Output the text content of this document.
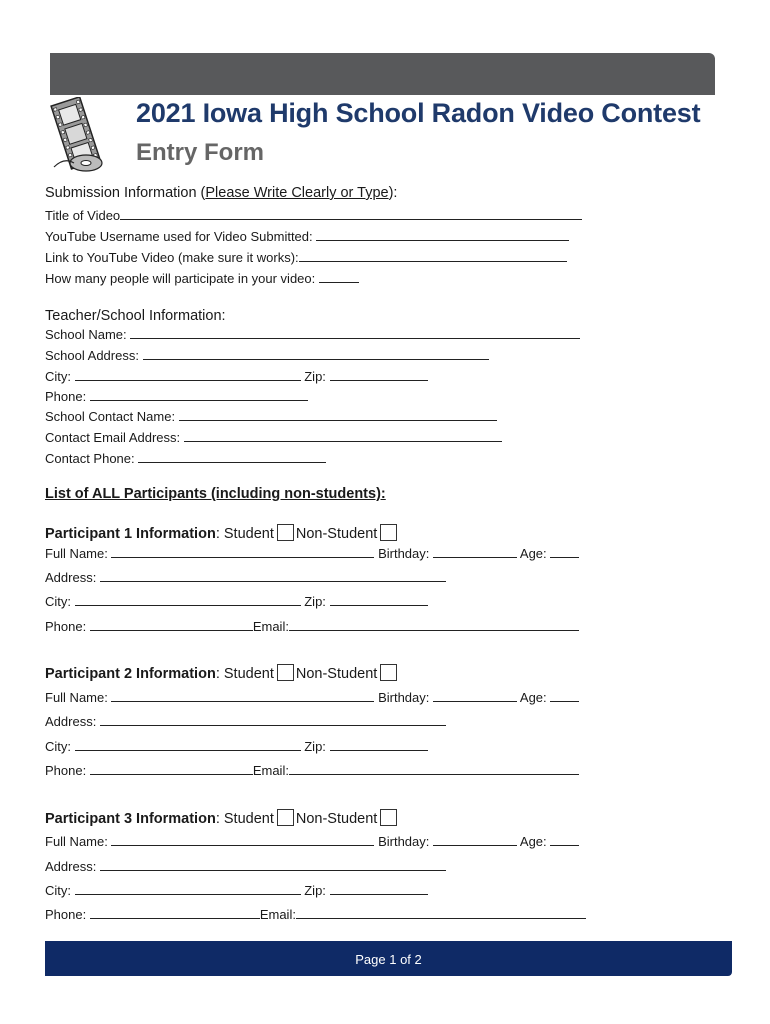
2021 Iowa High School Radon Video Contest
Entry Form
Submission Information (Please Write Clearly or Type):
Title of Video
YouTube Username used for Video Submitted:
Link to YouTube Video (make sure it works):
How many people will participate in your video:
Teacher/School Information:
School Name:
School Address:
City:	Zip:
Phone:
School Contact Name:
Contact Email Address:
Contact Phone:
List of ALL Participants (including non-students):
Participant 1 Information: Student Non-Student
Full Name:	Birthday:	Age:
Address:
City:	Zip:
Phone:	Email:
Participant 2 Information: Student Non-Student
Full Name:	Birthday:	Age:
Address:
City:	Zip:
Phone:	Email:
Participant 3 Information: Student Non-Student
Full Name:	Birthday:	Age:
Address:
City:	Zip:
Phone:	Email:
Page 1 of 2
